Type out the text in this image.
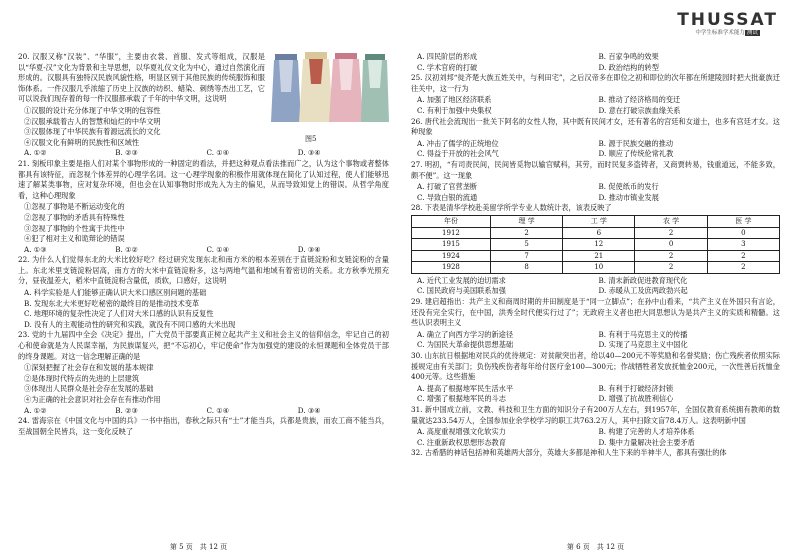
图5

20. 汉服又称“汉装”、“华服”，主要由衣裳、首服、发式等组成，汉服是以“华夏-汉”文化为背景和主导思想，以华夏礼仪文化为中心，通过自然演化而形成的。汉服具有独特汉民族风貌性格，明显区别于其他民族的传统服饰和服饰体系。一件汉服几乎浓缩了历史上汉族的纺织、蜡染、刺绣等杰出工艺，它可以说我们现存着的每一件汉服都承载了千年的中华文明，这说明

①汉服的设计充分体现了中华文明的包容性

②汉服承载着古人的智慧和灿烂的中华文明

③汉服体现了中华民族有着源远流长的文化

④汉服文化有鲜明的民族性和区域性

A. ①②	B. ②③	C. ①④	D. ③④

21. 刻板印象主要是指人们对某个事物形成的一种固定的看法，并把这种观点看法推而广之，认为这个事物或者整体都具有该特征，而忽视个体差异的心理学名词。这一心理学现象的积极作用就体现在简化了认知过程，使人们能够迅速了解某类事物，应对复杂环境，但也会在认知事物时形成先入为主的偏见，从而导致知觉上的错误。从哲学角度看，这种心理现象

①忽视了事物是不断运动变化的

②忽视了事物的矛盾具有特殊性

③忽视了事物的个性寓于共性中

④犯了相对主义和诡辩论的错误

A. ①③	B. ①②	C. ①④	D. ③④

22. 为什么人们觉得东北的大米比较好吃？经过研究发现东北和南方米的根本差别在于直链淀粉和支链淀粉的含量上。东北米里支链淀粉居高，南方方的大米中直链淀粉多，这与两地气温和地域有着密切的关系。北方秋季光照充分，昼夜温差大，稻米中直链淀粉含量低，质软，口感好，这说明

A. 科学实验是人们能够正确认识大米口感区别问题的基础

B. 发现东北大米更好吃秘密的最终目的是推动技术变革

C. 地理环境的复杂性决定了人们对大米口感的认识有反复性

D. 没有人的主观能动性的研究和实践，就没有不同口感的大米出现

23. 党的十九届四中全会《决定》提出，广大党员干部要真正树立起共产主义和社会主义的信仰信念，牢记自己的初心和使命就是为人民谋幸福，为民族谋复兴，把“不忘初心，牢记使命”作为加强党的建设的永恒课题和全体党员干部的终身课题。对这一信念理解正确的是

①深刻把握了社会存在和发展的基本规律

②是体现时代特点的先进的上层建筑

③体现出人民群众是社会存在发展的基础

④为正确的社会意识对社会存在有推动作用

A. ①②	B. ②③	C. ①④	D. ③④

24. 雷海宗在《中国文化与中国的兵》一书中指出，春秋之际只有“士”才能当兵，兵都是贵族，而农工商不能当兵，至战国朝全民皆兵，这一变化反映了

第 5 页　共 12 页
THUSSAT
中学生标准学术能力 测试
A. 四民阶层的形成	B. 百家争鸣的效果
C. 学术官府的打破	D. 政治结构的转型

25. 汉初刘邦“徙齐楚大族五姓关中，与利田宅”，之后汉帝多在即位之初和即位的次年都在所建陵园时把大批豪族迁往关中，这一行为

A. 加强了地区经济联系	B. 推动了经济格局的变迁
C. 有利于加强中央集权	D. 意在打破宗族血缘关系

26. 唐代社会流现出一批关下阿名的女性人物，其中既有民间才女，还有著名的宫廷和女道士，也多有宫廷才女。这种现象

A. 冲击了儒学的正统地位	B. 源于民族交融的推动
C. 得益于开放的社会风气	D. 顺应了传统伦常礼教

27. 明初，“有司责民间，民间皆觅物以输官赋科，其劳，而时民复多盗铸者，又商贾转易，钱重道远，不能多致，颇不便”。这一现象

A. 打破了官营垄断	B. 促使纸币的发行
C. 导致白银的流通	D. 推动市镇业发展

28. 下表是清华学校赴美留学所学专业人数统计表，该表反映了

年份	理 学	工 学	农 学	医 学
1912	2	6	2	0
1915	5	12	0	3
1924	7	21	2	2
1928	8	10	2	2
A. 近代工业发展的迫切需求	B. 清末新政促进教育现代化
C. 国民政府与美国联系加强	D. 赤暖从工及庶两政勃兴起

29. 建启超指出：共产主义和商周时期的井田制度是于“同一立脚点”；在孙中山看来，“共产主义在外国只有言论，还没有完全实行，在中国，洪秀全时代便实行过了”；无政府主义者也把大同思想认为是共产主义的实质和精髓。这些认识表明主义

A. 确立了向西方学习的新途径	B. 有利于马克思主义的传播
C. 为国民大革命提供思想基础	D. 实现了马克思主义中国化

30. 山东抗日根据地对民兵的优待规定：对贫献突出者，给以40—200元不等奖励和名誉奖励；伤亡残疾者依照实际援规定由有关部门；负伤残疾伤者每年给付医疗金100—300元；作战牺牲者发放抚恤金200元，一次性善后抚恤金400元等。这些措施

A. 提高了根据地军民生活水平	B. 有利于打破经济封锁
C. 增强了根据地军民的斗志	D. 增强了抗战胜利信心

31. 新中国成立前，文教、科技和卫生方面的知识分子有200万人左右，到1957年，全国仅教育系统拥有教师的数量就达233.54万人，全国参加业余学校学习的职工共763.2万人，其中扫除文盲78.4万人。这表明新中国

A. 高度重视增强文化软实力	B. 构建了完善的人才培养体系
C. 注重新政权思想形态教育	D. 集中力量解决社会主要矛盾

32. 古希腊的神话包括神和英雄两大部分，英雄大多都是神和人生下来的半神半人，都具有强壮的体

第 6 页　共 12 页
